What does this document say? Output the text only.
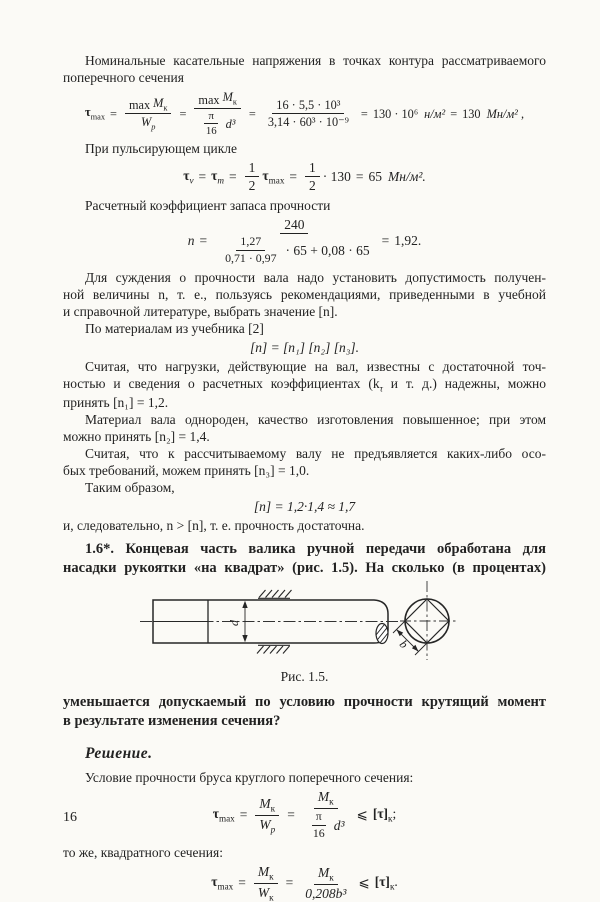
Номинальные касательные напряжения в точках контура рассматриваемого
поперечного сечения
$\tau_{max} = \frac{\max M_к}{W_p} = \frac{\max M_к}{\frac{\pi}{16} d^3} = \frac{\text{16 · 5,5 · 10³}}{\text{3,14 · 60³ · 10⁻⁹}} = 130 \cdot 10^6$ н/м² = 130 Мн/м² ,
При пульсирующем цикле
$\tau_v = \tau_m = \frac{1}{2} \tau_{max} = \frac{1}{2} \cdot 130 = 65$ Мн/м².
Расчетный коэффициент запаса прочности
$n = \frac{240}{\frac{1,27}{0,71 \cdot 0,97} \cdot 65 + 0,08 \cdot 65} = 1,92$.
Для суждения о прочности вала надо установить допустимость получен-
ной величины n, т. е., пользуясь рекомендациями, приведенными в учебной
и справочной литературе, выбрать значение [n].
По материалам из учебника [2]
[n] = [n₁] [n₂] [n₃].
Считая, что нагрузки, действующие на вал, известны с достаточной точ-
ностью и сведения о расчетных коэффициентах ($k_\tau$ и т. д.) надежны, можно
принять [n₁] = 1,2.
Материал вала однороден, качество изготовления повышенное; при этом
можно принять [n₂] = 1,4.
Считая, что к рассчитываемому валу не предъявляется каких-либо осо-
бых требований, можем принять [n₃] = 1,0.
Таким образом,
[n] = 1,2·1,4 ≈ 1,7
и, следовательно, n > [n], т. е. прочность достаточна.
1.6*. Концевая часть валика ручной передачи обработана для
насадки рукоятки «на квадрат» (рис. 1.5). На сколько (в процентах)
d
b
Рис. 1.5.
уменьшается допускаемый по условию прочности крутящий момент
в результате изменения сечения?
Решение.
Условие прочности бруса круглого поперечного сечения:
$\tau_{max} = \frac{M_к}{W_p} = \frac{M_к}{\frac{\pi}{16} d^3}$ ⩽ $[\tau]_к$;
то же, квадратного сечения:
$\tau_{max} = \frac{M_к}{W_к} = \frac{M_к}{\text{0,208b³}}$ ⩽ $[\tau]_к$.
16
